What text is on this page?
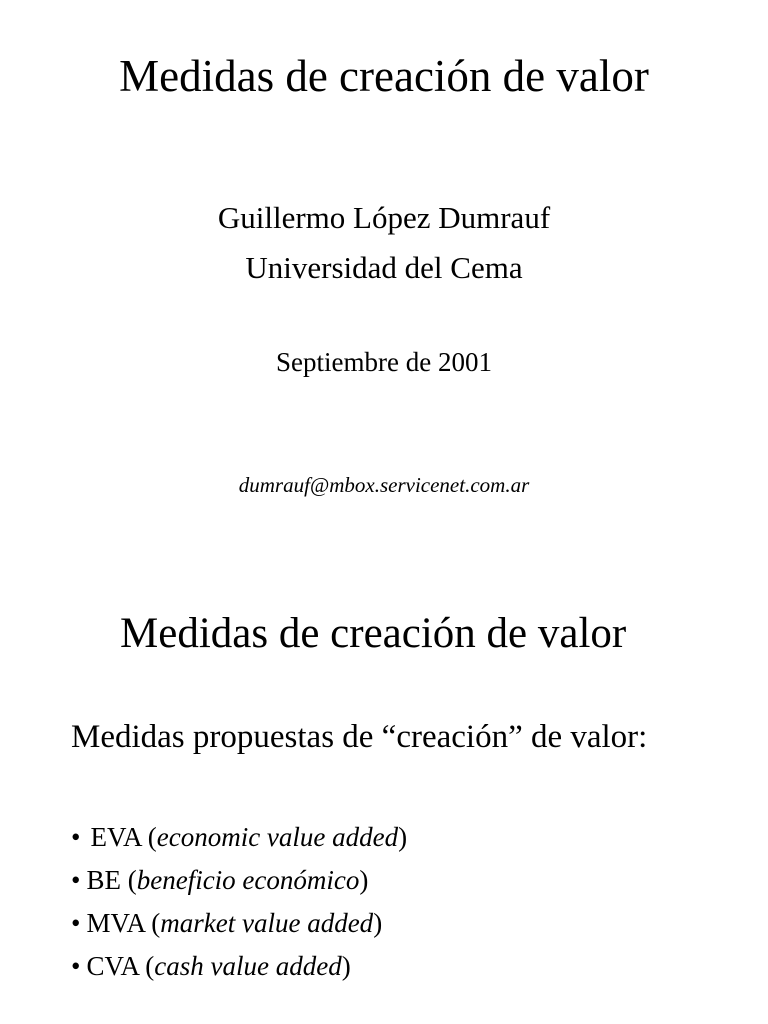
Medidas de creación de valor
Guillermo López Dumrauf
Universidad del Cema
Septiembre de 2001
dumrauf@mbox.servicenet.com.ar
Medidas de creación de valor
Medidas propuestas de “creación” de valor:
• EVA (economic value added)
• BE (beneficio económico)
• MVA (market value added)
• CVA (cash value added)
